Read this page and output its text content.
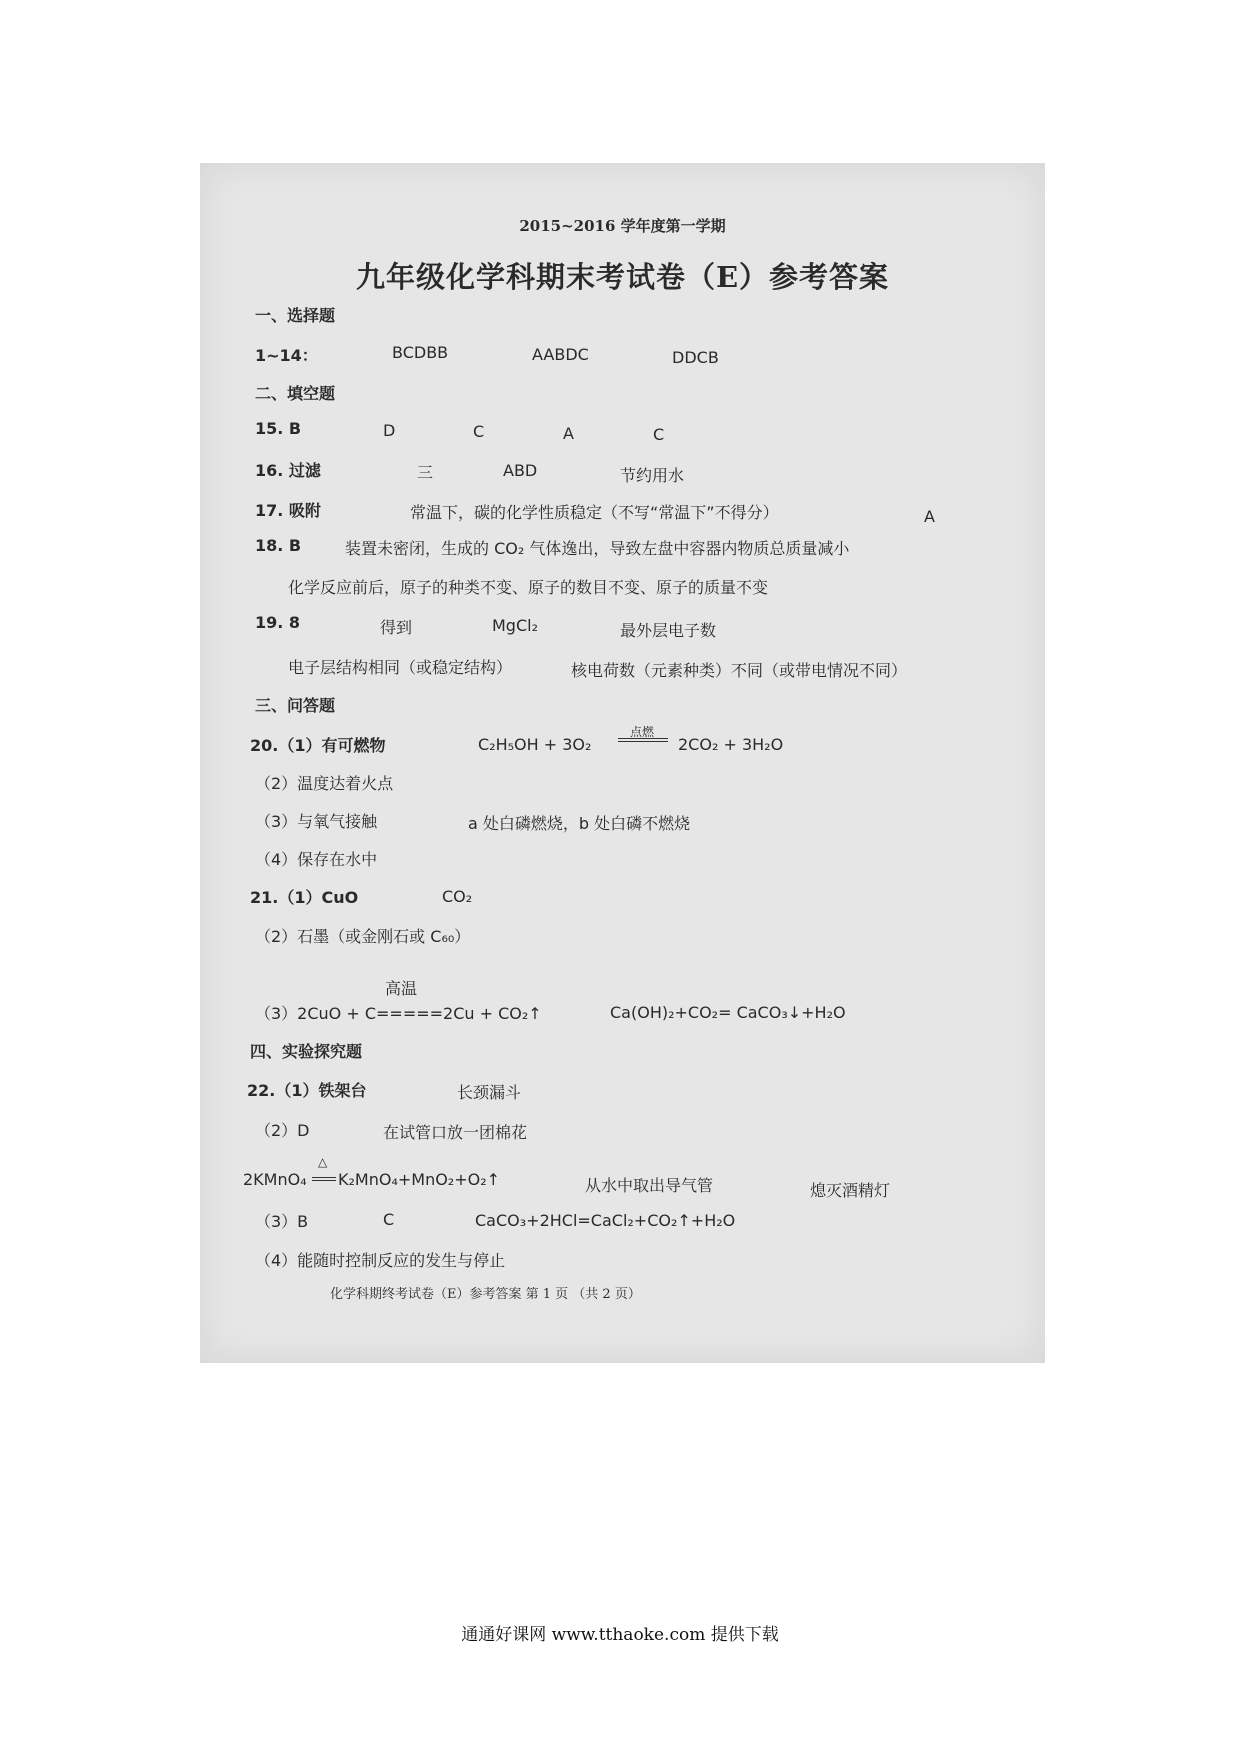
2015~2016 学年度第一学期
九年级化学科期末考试卷（E）参考答案
一、选择题
1~14：	BCDBB	AABDC	DDCB
二、填空题
15. B	D	C	A	C
16. 过滤	三	ABD	节约用水
17. 吸附	常温下，碳的化学性质稳定（不写“常温下”不得分）	A
18. B	装置未密闭，生成的 CO₂ 气体逸出，导致左盘中容器内物质总质量减小
化学反应前后，原子的种类不变、原子的数目不变、原子的质量不变
19. 8	得到	MgCl₂	最外层电子数
电子层结构相同（或稳定结构）	核电荷数（元素种类）不同（或带电情况不同）
三、问答题
20.（1）有可燃物	C₂H₅OH + 3O₂
点燃
2CO₂ + 3H₂O
（2）温度达着火点
（3）与氧气接触	a 处白磷燃烧，b 处白磷不燃烧
（4）保存在水中
21.（1）CuO	CO₂
（2）石墨（或金刚石或 C₆₀）
高温
（3）2CuO + C=====2Cu + CO₂↑	Ca(OH)₂+CO₂= CaCO₃↓+H₂O
四、实验探究题
22.（1）铁架台	长颈漏斗
（2）D	在试管口放一团棉花
2KMnO₄
△
K₂MnO₄+MnO₂+O₂↑	从水中取出导气管	熄灭酒精灯
（3）B	C	CaCO₃+2HCl=CaCl₂+CO₂↑+H₂O
（4）能随时控制反应的发生与停止
化学科期终考试卷（E）参考答案 第 1 页 （共 2 页）
通通好课网 www.tthaoke.com 提供下载
